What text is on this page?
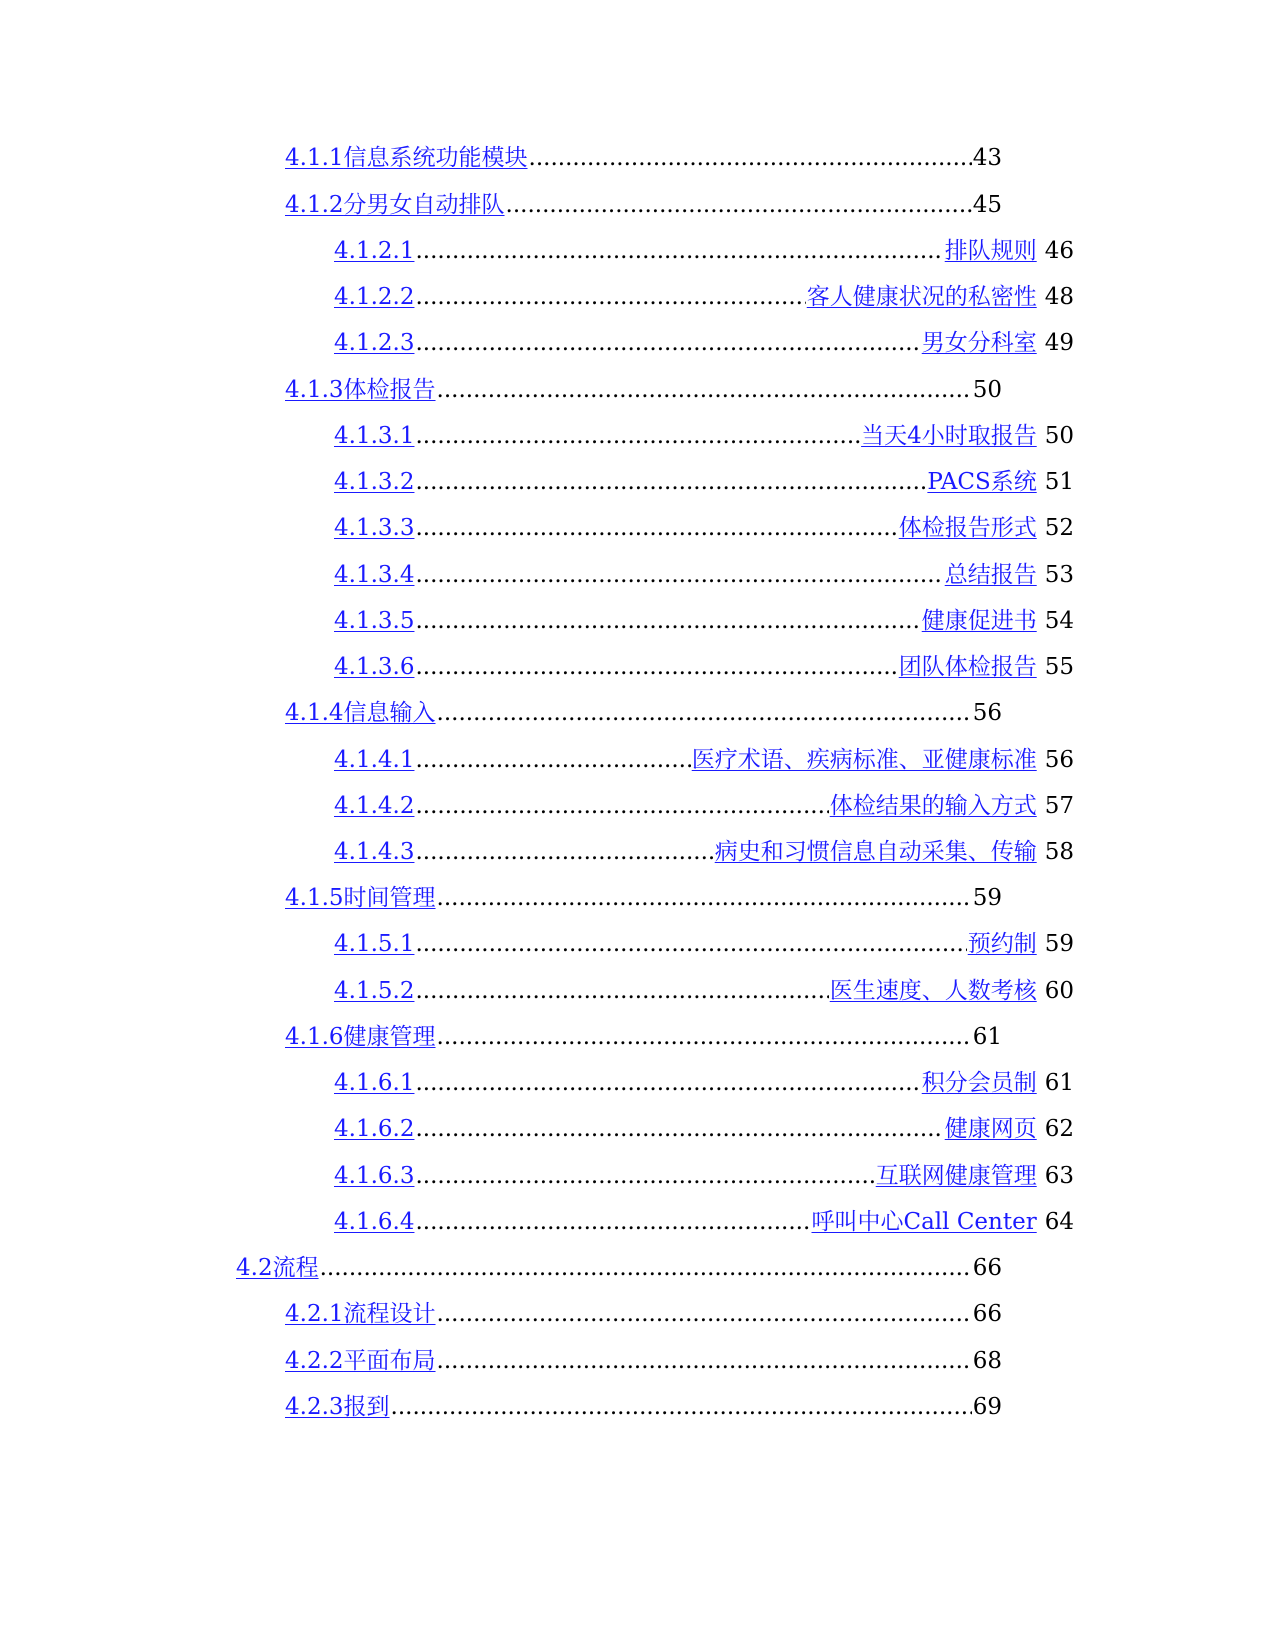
4.1.1 信息系统功能模块 .....	43
4.1.2 分男女自动排队 .....	45
4.1.2.1 .....	排队规则 46
4.1.2.2 .....	客人健康状况的私密性 48
4.1.2.3 .....	男女分科室 49
4.1.3 体检报告 .....	50
4.1.3.1 .....	当天4小时取报告 50
4.1.3.2 .....	PACS系统 51
4.1.3.3 .....	体检报告形式 52
4.1.3.4 .....	总结报告 53
4.1.3.5 .....	健康促进书 54
4.1.3.6 .....	团队体检报告 55
4.1.4 信息输入 .....	56
4.1.4.1 .....	医疗术语、疾病标准、亚健康标准 56
4.1.4.2 .....	体检结果的输入方式 57
4.1.4.3 .....	病史和习惯信息自动采集、传输 58
4.1.5 时间管理 .....	59
4.1.5.1 .....	预约制 59
4.1.5.2 .....	医生速度、人数考核 60
4.1.6 健康管理 .....	61
4.1.6.1 .....	积分会员制 61
4.1.6.2 .....	健康网页 62
4.1.6.3 .....	互联网健康管理 63
4.1.6.4 .....	呼叫中心Call Center 64
4.2 流程 .....	66
4.2.1 流程设计 .....	66
4.2.2 平面布局 .....	68
4.2.3 报到 .....	69
